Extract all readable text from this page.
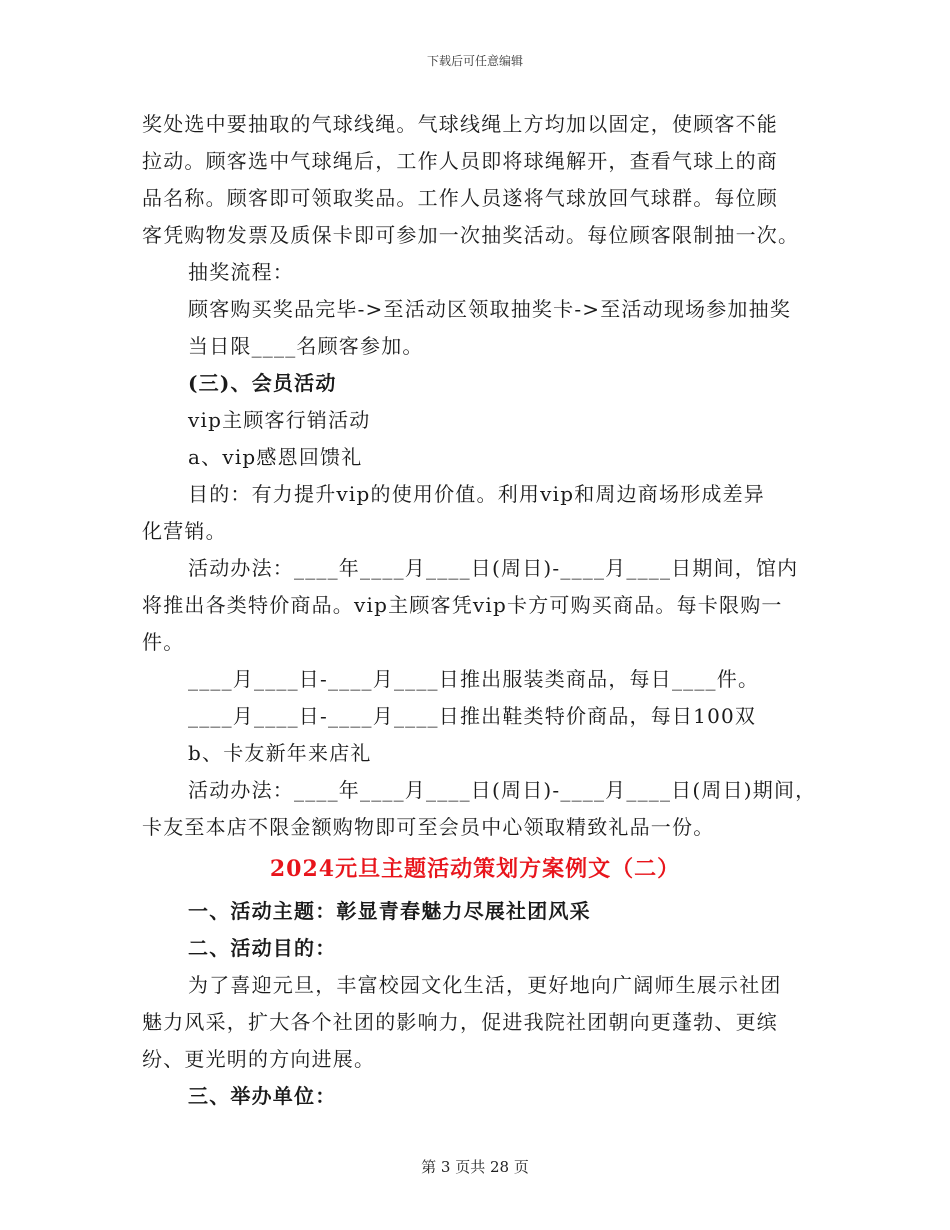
下载后可任意编辑
奖处选中要抽取的气球线绳。气球线绳上方均加以固定，使顾客不能
拉动。顾客选中气球绳后，工作人员即将球绳解开，查看气球上的商
品名称。顾客即可领取奖品。工作人员遂将气球放回气球群。每位顾
客凭购物发票及质保卡即可参加一次抽奖活动。每位顾客限制抽一次。
抽奖流程：
顾客购买奖品完毕->至活动区领取抽奖卡->至活动现场参加抽奖
当日限____名顾客参加。
(三)、会员活动
vip主顾客行销活动
a、vip感恩回馈礼
目的：有力提升vip的使用价值。利用vip和周边商场形成差异
化营销。
活动办法：____年____月____日(周日)-____月____日期间，馆内
将推出各类特价商品。vip主顾客凭vip卡方可购买商品。每卡限购一
件。
____月____日-____月____日推出服装类商品，每日____件。
____月____日-____月____日推出鞋类特价商品，每日100双
b、卡友新年来店礼
活动办法：____年____月____日(周日)-____月____日(周日)期间，
卡友至本店不限金额购物即可至会员中心领取精致礼品一份。
2024元旦主题活动策划方案例文（二）
一、活动主题：彰显青春魅力尽展社团风采
二、活动目的：
为了喜迎元旦，丰富校园文化生活，更好地向广阔师生展示社团
魅力风采，扩大各个社团的影响力，促进我院社团朝向更蓬勃、更缤
纷、更光明的方向进展。
三、举办单位：
第 3 页共 28 页
